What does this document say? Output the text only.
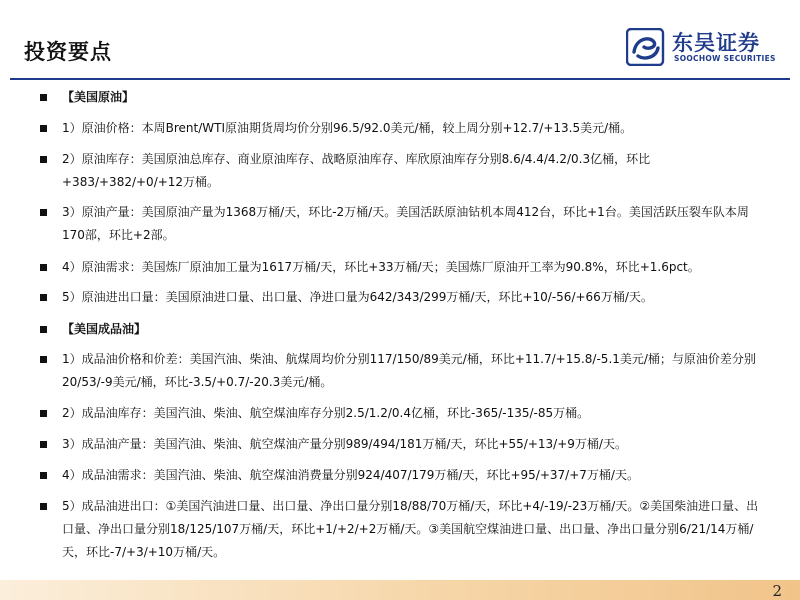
投资要点	东吴证券
SOOCHOW SECURITIES
【美国原油】
1）原油价格：本周Brent/WTI原油期货周均价分别96.5/92.0美元/桶，较上周分别+12.7/+13.5美元/桶。
2）原油库存：美国原油总库存、商业原油库存、战略原油库存、库欣原油库存分别8.6/4.4/4.2/0.3亿桶，环比+383/+382/+0/+12万桶。
3）原油产量：美国原油产量为1368万桶/天，环比-2万桶/天。美国活跃原油钻机本周412台，环比+1台。美国活跃压裂车队本周170部，环比+2部。
4）原油需求：美国炼厂原油加工量为1617万桶/天，环比+33万桶/天；美国炼厂原油开工率为90.8%，环比+1.6pct。
5）原油进出口量：美国原油进口量、出口量、净进口量为642/343/299万桶/天，环比+10/-56/+66万桶/天。
【美国成品油】
1）成品油价格和价差：美国汽油、柴油、航煤周均价分别117/150/89美元/桶，环比+11.7/+15.8/-5.1美元/桶；与原油价差分别20/53/-9美元/桶，环比-3.5/+0.7/-20.3美元/桶。
2）成品油库存：美国汽油、柴油、航空煤油库存分别2.5/1.2/0.4亿桶，环比-365/-135/-85万桶。
3）成品油产量：美国汽油、柴油、航空煤油产量分别989/494/181万桶/天，环比+55/+13/+9万桶/天。
4）成品油需求：美国汽油、柴油、航空煤油消费量分别924/407/179万桶/天，环比+95/+37/+7万桶/天。
5）成品油进出口：①美国汽油进口量、出口量、净出口量分别18/88/70万桶/天，环比+4/-19/-23万桶/天。②美国柴油进口量、出口量、净出口量分别18/125/107万桶/天，环比+1/+2/+2万桶/天。③美国航空煤油进口量、出口量、净出口量分别6/21/14万桶/天，环比-7/+3/+10万桶/天。
2
